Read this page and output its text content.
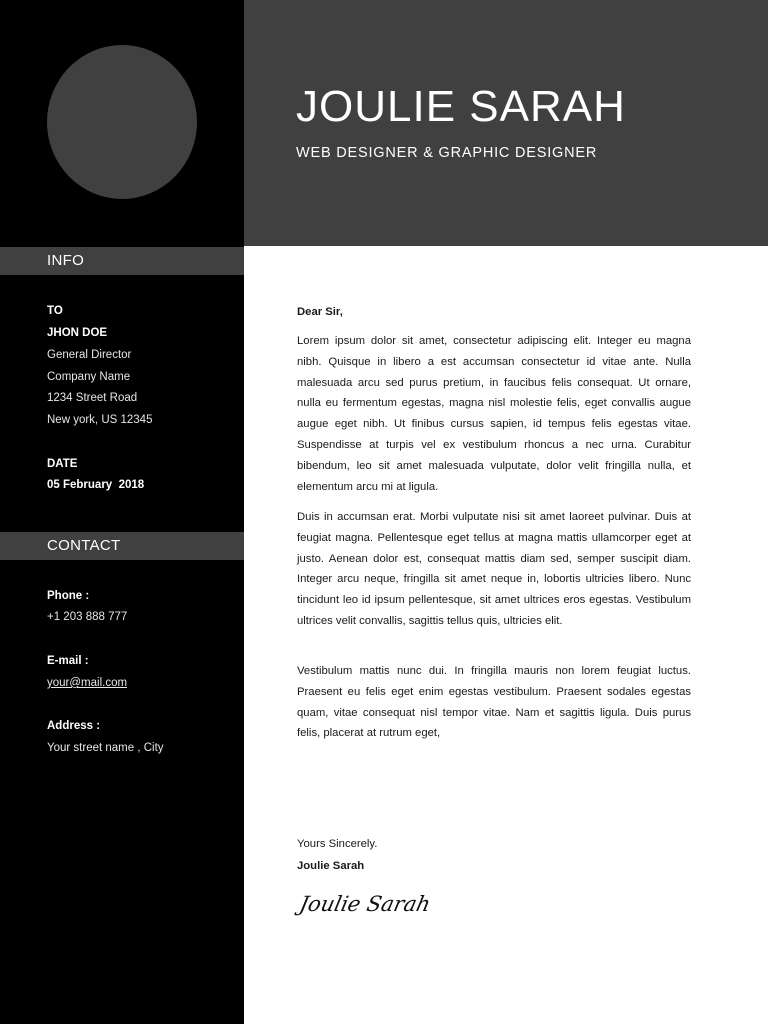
INFO
TO
JHON DOE
General Director
Company Name
1234 Street Road
New york, US 12345
DATE
05 February  2018
CONTACT
Phone :
+1 203 888 777
E-mail :
your@mail.com
Address :
Your street name , City
JOULIE SARAH
WEB DESIGNER & GRAPHIC DESIGNER
Dear Sir,

Lorem ipsum dolor sit amet, consectetur adipiscing elit. Integer eu magna nibh. Quisque in libero a est accumsan consectetur id vitae ante. Nulla malesuada arcu sed purus pretium, in faucibus felis consequat. Ut ornare, nulla eu fermentum egestas, magna nisl molestie felis, eget convallis augue augue eget nibh. Ut finibus cursus sapien, id tempus felis egestas vitae. Suspendisse at turpis vel ex vestibulum rhoncus a nec urna. Curabitur bibendum, leo sit amet malesuada vulputate, dolor velit fringilla nulla, et elementum arcu mi at ligula.

Duis in accumsan erat. Morbi vulputate nisi sit amet laoreet pulvinar. Duis at feugiat magna. Pellentesque eget tellus at magna mattis ullamcorper eget at justo. Aenean dolor est, consequat mattis diam sed, semper suscipit diam. Integer arcu neque, fringilla sit amet neque in, lobortis ultricies libero. Nunc tincidunt leo id ipsum pellentesque, sit amet ultrices eros egestas. Vestibulum ultrices velit convallis, sagittis tellus quis, ultricies elit.

Vestibulum mattis nunc dui. In fringilla mauris non lorem feugiat luctus. Praesent eu felis eget enim egestas vestibulum. Praesent sodales egestas quam, vitae consequat nisl tempor vitae. Nam et sagittis ligula. Duis purus felis, placerat at rutrum eget,

Yours Sincerely.
Joulie Sarah
Joulie Sarah
